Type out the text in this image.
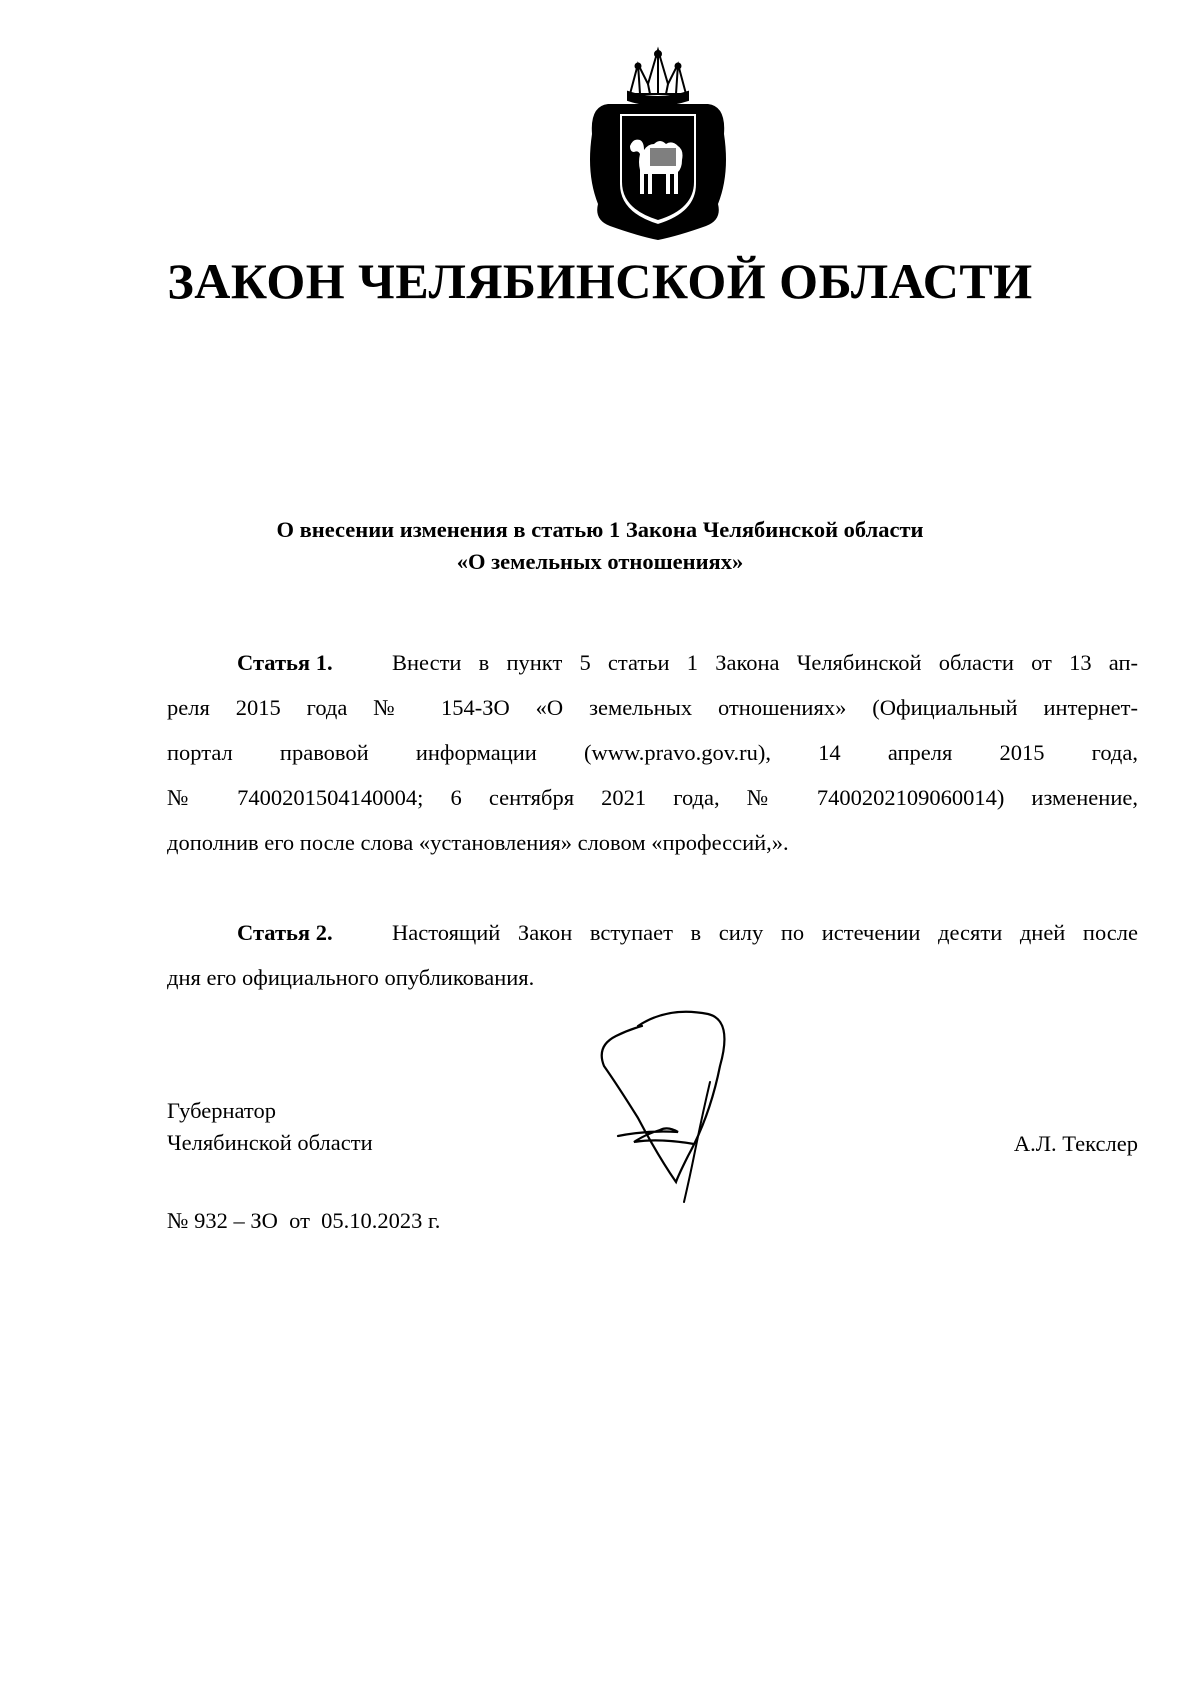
ЗАКОН ЧЕЛЯБИНСКОЙ ОБЛАСТИ
О внесении изменения в статью 1 Закона Челябинской области
«О земельных отношениях»
Статья 1.	Внести в пункт 5 статьи 1 Закона Челябинской области от 13 ап-
реля 2015 года № 154-ЗО «О земельных отношениях» (Официальный интернет-
портал правовой информации (www.pravo.gov.ru), 14 апреля 2015 года,
№ 7400201504140004; 6 сентября 2021 года, № 7400202109060014) изменение,
дополнив его после слова «установления» словом «профессий,».
Статья 2.	Настоящий Закон вступает в силу по истечении десяти дней после
дня его официального опубликования.
Губернатор
Челябинской области	А.Л. Текслер
№ 932 – ЗО  от  05.10.2023 г.
